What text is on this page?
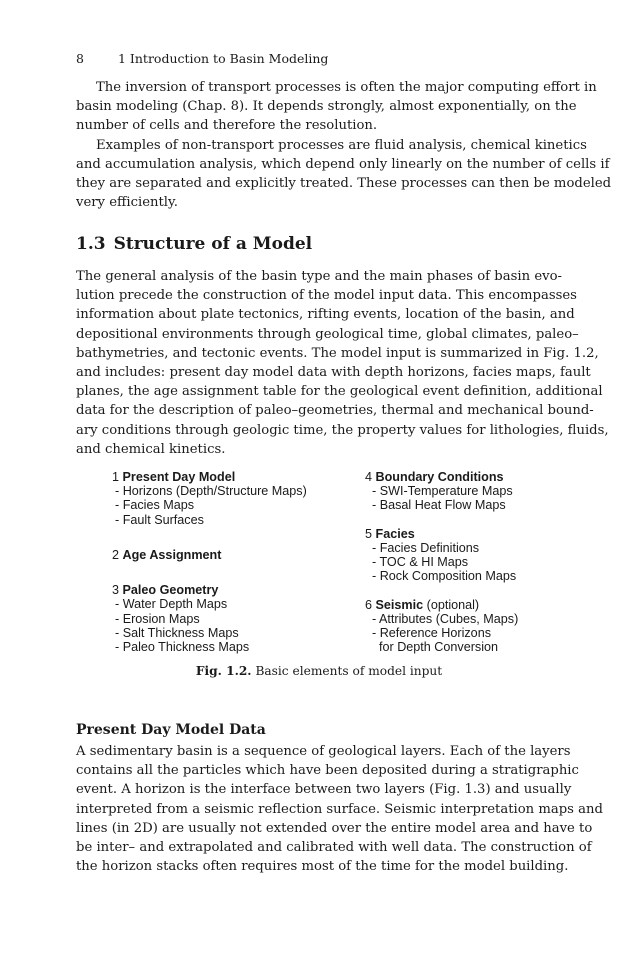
8	1 Introduction to Basin Modeling
The inversion of transport processes is often the major computing effort in
basin modeling (Chap. 8). It depends strongly, almost exponentially, on the
number of cells and therefore the resolution.
Examples of non-transport processes are fluid analysis, chemical kinetics
and accumulation analysis, which depend only linearly on the number of cells if
they are separated and explicitly treated. These processes can then be modeled
very efficiently.
1.3 Structure of a Model
The general analysis of the basin type and the main phases of basin evo-
lution precede the construction of the model input data. This encompasses
information about plate tectonics, rifting events, location of the basin, and
depositional environments through geological time, global climates, paleo–
bathymetries, and tectonic events. The model input is summarized in Fig. 1.2,
and includes: present day model data with depth horizons, facies maps, fault
planes, the age assignment table for the geological event definition, additional
data for the description of paleo–geometries, thermal and mechanical bound-
ary conditions through geologic time, the property values for lithologies, fluids,
and chemical kinetics.
1 Present Day Model
- Horizons (Depth/Structure Maps)
- Facies Maps
- Fault Surfaces
2 Age Assignment
3 Paleo Geometry
- Water Depth Maps
- Erosion Maps
- Salt Thickness Maps
- Paleo Thickness Maps
4 Boundary Conditions
- SWI-Temperature Maps
- Basal Heat Flow Maps
5 Facies
- Facies Definitions
- TOC & HI Maps
- Rock Composition Maps
6 Seismic (optional)
- Attributes (Cubes, Maps)
- Reference Horizons
for Depth Conversion
Fig. 1.2. Basic elements of model input
Present Day Model Data
A sedimentary basin is a sequence of geological layers. Each of the layers
contains all the particles which have been deposited during a stratigraphic
event. A horizon is the interface between two layers (Fig. 1.3) and usually
interpreted from a seismic reflection surface. Seismic interpretation maps and
lines (in 2D) are usually not extended over the entire model area and have to
be inter– and extrapolated and calibrated with well data. The construction of
the horizon stacks often requires most of the time for the model building.
